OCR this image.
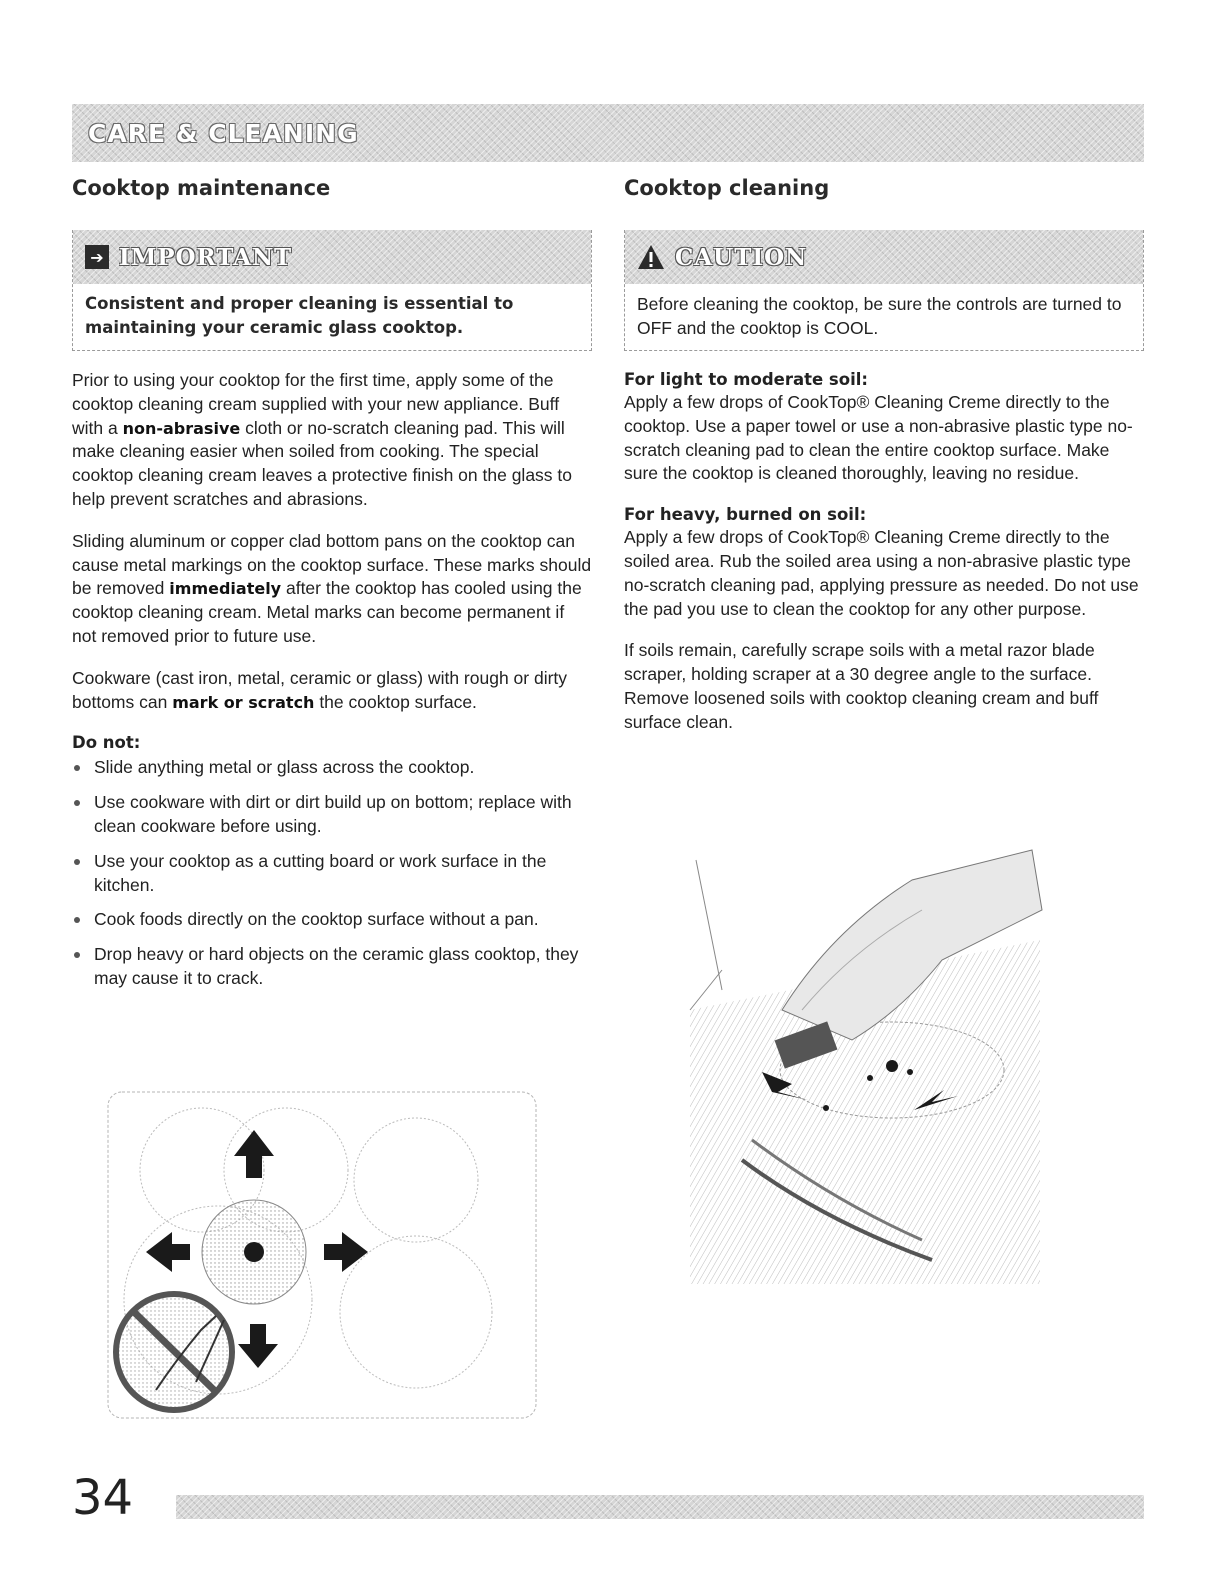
CARE & CLEANING
Cooktop maintenance
➔ IMPORTANT
Consistent and proper cleaning is essential to
maintaining your ceramic glass cooktop.

Prior to using your cooktop for the first time, apply some of the cooktop cleaning cream supplied with your new appliance. Buff with a non-abrasive cloth or no-scratch cleaning pad. This will make cleaning easier when soiled from cooking. The special cooktop cleaning cream leaves a protective finish on the glass to help prevent scratches and abrasions.

Sliding aluminum or copper clad bottom pans on the cooktop can cause metal markings on the cooktop surface. These marks should be removed immediately after the cooktop has cooled using the cooktop cleaning cream. Metal marks can become permanent if not removed prior to future use.

Cookware (cast iron, metal, ceramic or glass) with rough or dirty bottoms can mark or scratch the cooktop surface.

Do not:
Slide anything metal or glass across the cooktop.
Use cookware with dirt or dirt build up on bottom; replace with clean cookware before using.
Use your cooktop as a cutting board or work surface in the kitchen.
Cook foods directly on the cooktop surface without a pan.
Drop heavy or hard objects on the ceramic glass cooktop, they may cause it to crack.
Cooktop cleaning
CAUTION
Before cleaning the cooktop, be sure the controls are turned to OFF and the cooktop is COOL.
For light to moderate soil:

Apply a few drops of CookTop® Cleaning Creme directly to the cooktop. Use a paper towel or use a non-abrasive plastic type no-scratch cleaning pad to clean the entire cooktop surface. Make sure the cooktop is cleaned thoroughly, leaving no residue.

For heavy, burned on soil:

Apply a few drops of CookTop® Cleaning Creme directly to the soiled area. Rub the soiled area using a non-abrasive plastic type no-scratch cleaning pad, applying pressure as needed. Do not use the pad you use to clean the cooktop for any other purpose.

If soils remain, carefully scrape soils with a metal razor blade scraper, holding scraper at a 30 degree angle to the surface. Remove loosened soils with cooktop cleaning cream and buff surface clean.

34
